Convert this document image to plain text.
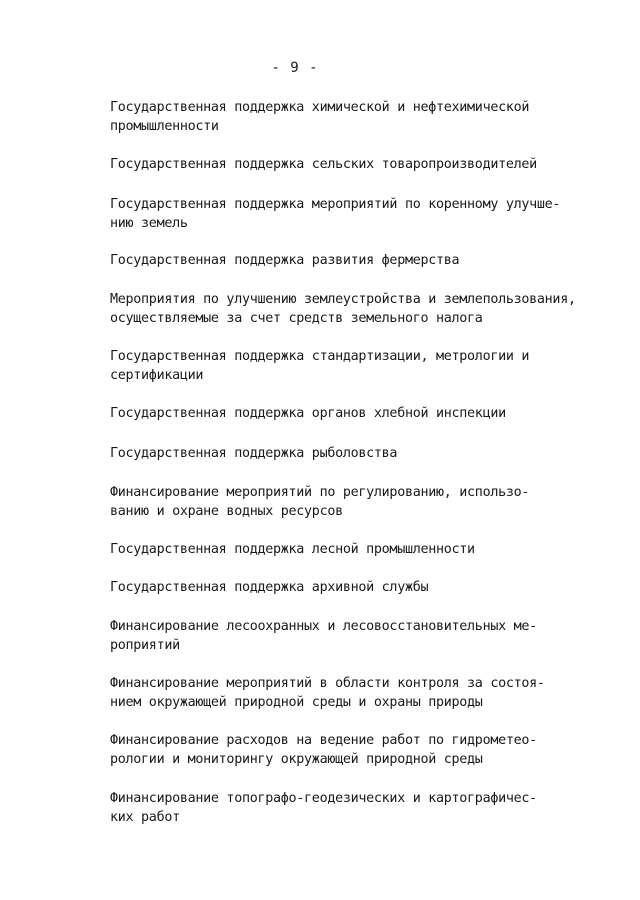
- 9 -
Государственная поддержка химической и нефтехимической
промышленности
Государственная поддержка сельских товаропроизводителей
Государственная поддержка мероприятий по коренному улучше-
нию земель
Государственная поддержка развития фермерства
Мероприятия по улучшению землеустройства и землепользования,
осуществляемые за счет средств земельного налога
Государственная поддержка стандартизации, метрологии и
сертификации
Государственная поддержка органов хлебной инспекции
Государственная поддержка рыболовства
Финансирование мероприятий по регулированию, использо-
ванию и охране водных ресурсов
Государственная поддержка лесной промышленности
Государственная поддержка архивной службы
Финансирование лесоохранных и лесовосстановительных ме-
роприятий
Финансирование мероприятий в области контроля за состоя-
нием окружающей природной среды и охраны природы
Финансирование расходов на ведение работ по гидрометео-
рологии и мониторингу окружающей природной среды
Финансирование топографо-геодезических и картографичес-
ких работ
